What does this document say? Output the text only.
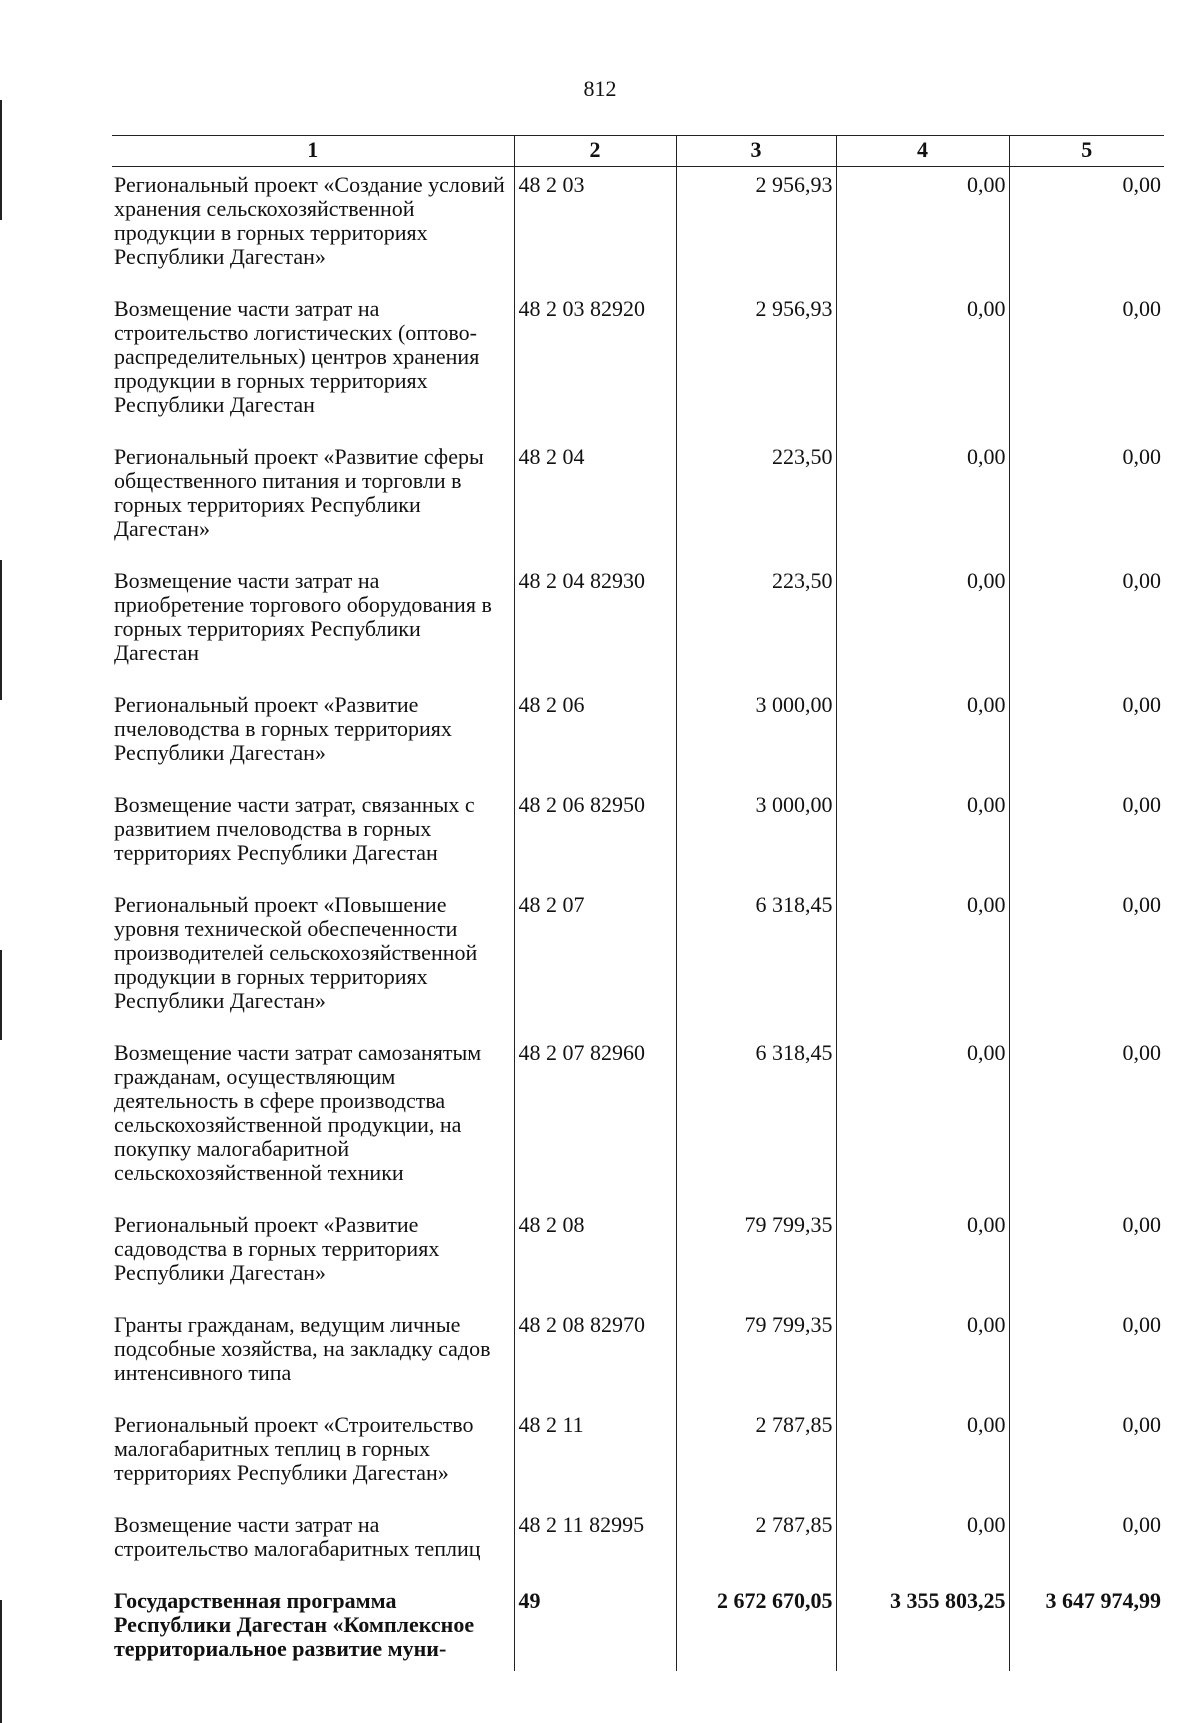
812
1	2	3	4	5
Региональный проект «Создание условий хранения сельскохозяйственной продукции в горных территориях Республики Дагестан»	48 2 03	2 956,93	0,00	0,00
Возмещение части затрат на строительство логистических (оптово-распределительных) центров хранения продукции в горных территориях Республики Дагестан	48 2 03 82920	2 956,93	0,00	0,00
Региональный проект «Развитие сферы общественного питания и торговли в горных территориях Республики Дагестан»	48 2 04	223,50	0,00	0,00
Возмещение части затрат на приобретение торгового оборудования в горных территориях Республики Дагестан	48 2 04 82930	223,50	0,00	0,00
Региональный проект «Развитие пчеловодства в горных территориях Республики Дагестан»	48 2 06	3 000,00	0,00	0,00
Возмещение части затрат, связанных с развитием пчеловодства в горных территориях Республики Дагестан	48 2 06 82950	3 000,00	0,00	0,00
Региональный проект «Повышение уровня технической обеспеченности производителей сельскохозяйственной продукции в горных территориях Республики Дагестан»	48 2 07	6 318,45	0,00	0,00
Возмещение части затрат самозанятым гражданам, осуществляющим деятельность в сфере производства сельскохозяйственной продукции, на покупку малогабаритной сельскохозяйственной техники	48 2 07 82960	6 318,45	0,00	0,00
Региональный проект «Развитие садоводства в горных территориях Республики Дагестан»	48 2 08	79 799,35	0,00	0,00
Гранты гражданам, ведущим личные подсобные хозяйства, на закладку садов интенсивного типа	48 2 08 82970	79 799,35	0,00	0,00
Региональный проект «Строительство малогабаритных теплиц в горных территориях Республики Дагестан»	48 2 11	2 787,85	0,00	0,00
Возмещение части затрат на строительство малогабаритных теплиц	48 2 11 82995	2 787,85	0,00	0,00
Государственная программа Республики Дагестан «Комплексное территориальное развитие муни-	49	2 672 670,05	3 355 803,25	3 647 974,99
